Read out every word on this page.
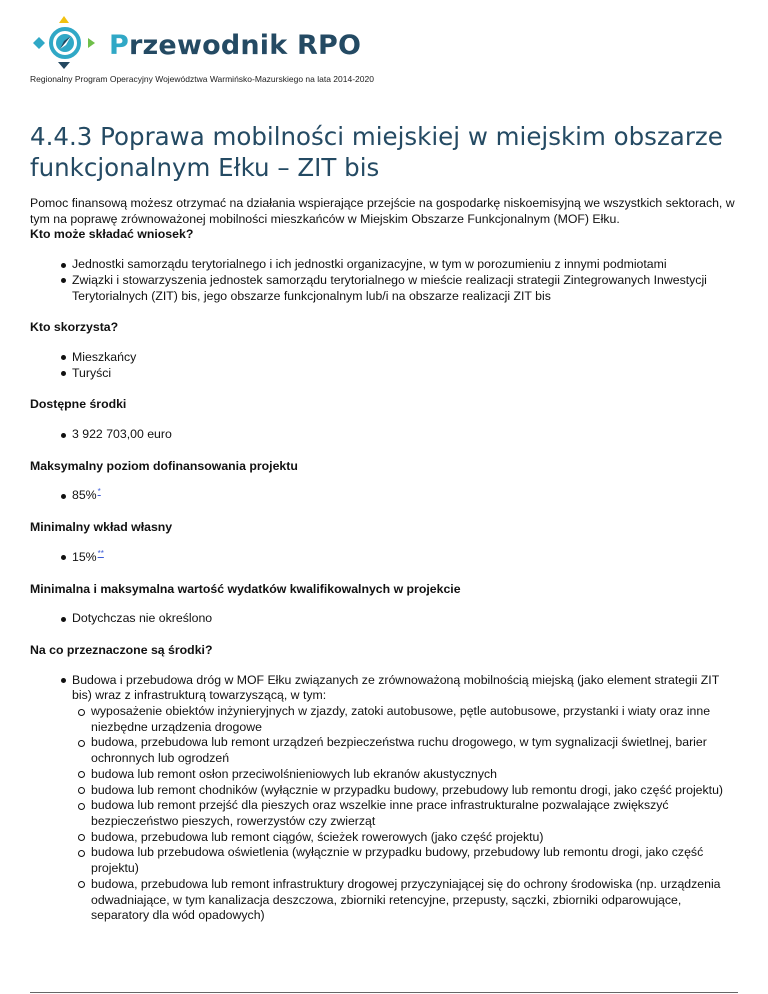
Przewodnik RPO
Regionalny Program Operacyjny Województwa Warmińsko-Mazurskiego na lata 2014-2020
4.4.3 Poprawa mobilności miejskiej w miejskim obszarze funkcjonalnym Ełku – ZIT bis

Pomoc finansową możesz otrzymać na działania wspierające przejście na gospodarkę niskoemisyjną we wszystkich sektorach, w tym na poprawę zrównoważonej mobilności mieszkańców w Miejskim Obszarze Funkcjonalnym (MOF) Ełku.

Kto może składać wniosek?
Jednostki samorządu terytorialnego i ich jednostki organizacyjne, w tym w porozumieniu z innymi podmiotami
Związki i stowarzyszenia jednostek samorządu terytorialnego w mieście realizacji strategii Zintegrowanych Inwestycji Terytorialnych (ZIT) bis, jego obszarze funkcjonalnym lub/i na obszarze realizacji ZIT bis
Kto skorzysta?
Mieszkańcy
Turyści
Dostępne środki
3 922 703,00 euro
Maksymalny poziom dofinansowania projektu
85%*
Minimalny wkład własny
15%**
Minimalna i maksymalna wartość wydatków kwalifikowalnych w projekcie
Dotychczas nie określono
Na co przeznaczone są środki?
Budowa i przebudowa dróg w MOF Ełku związanych ze zrównoważoną mobilnością miejską (jako element strategii ZIT bis) wraz z infrastrukturą towarzyszącą, w tym:
wyposażenie obiektów inżynieryjnych w zjazdy, zatoki autobusowe, pętle autobusowe, przystanki i wiaty oraz inne niezbędne urządzenia drogowe
budowa, przebudowa lub remont urządzeń bezpieczeństwa ruchu drogowego, w tym sygnalizacji świetlnej, barier ochronnych lub ogrodzeń
budowa lub remont osłon przeciwolśnieniowych lub ekranów akustycznych
budowa lub remont chodników (wyłącznie w przypadku budowy, przebudowy lub remontu drogi, jako część projektu)
budowa lub remont przejść dla pieszych oraz wszelkie inne prace infrastrukturalne pozwalające zwiększyć bezpieczeństwo pieszych, rowerzystów czy zwierząt
budowa, przebudowa lub remont ciągów, ścieżek rowerowych (jako część projektu)
budowa lub przebudowa oświetlenia (wyłącznie w przypadku budowy, przebudowy lub remontu drogi, jako część projektu)
budowa, przebudowa lub remont infrastruktury drogowej przyczyniającej się do ochrony środowiska (np. urządzenia odwadniające, w tym kanalizacja deszczowa, zbiorniki retencyjne, przepusty, sączki, zbiorniki odparowujące, separatory dla wód opadowych)
